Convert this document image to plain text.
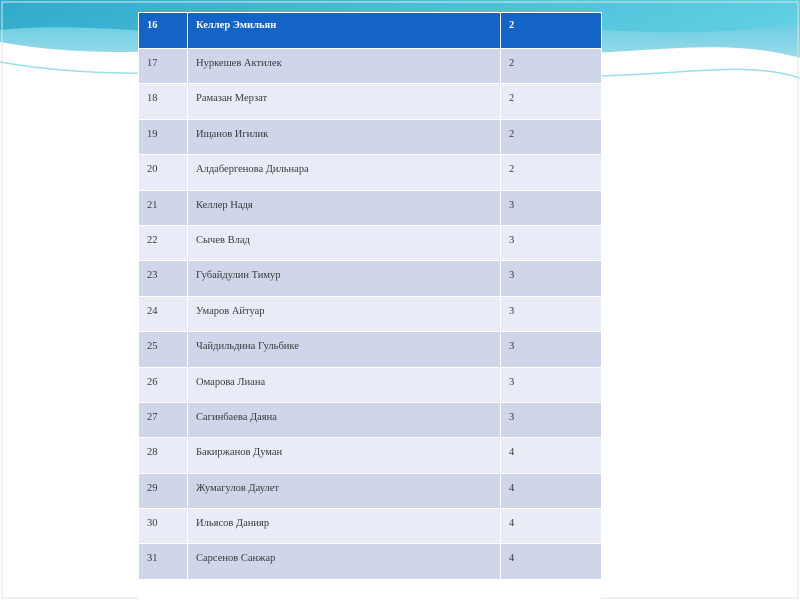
16	Келлер Эмильян	2
17	Нуркешев Актилек	2
18	Рамазан Мерзат	2
19	Ищанов Игилик	2
20	Алдабергенова Дильнара	2
21	Келлер Надя	3
22	Сычев Влад	3
23	Губайдулин Тимур	3
24	Умаров Айтуар	3
25	Чайдильдина Гульбике	3
26	Омарова Лиана	3
27	Сагинбаева Даяна	3
28	Бакиржанов Думан	4
29	Жумагулов Даулет	4
30	Ильясов Данияр	4
31	Сарсенов Санжар	4
